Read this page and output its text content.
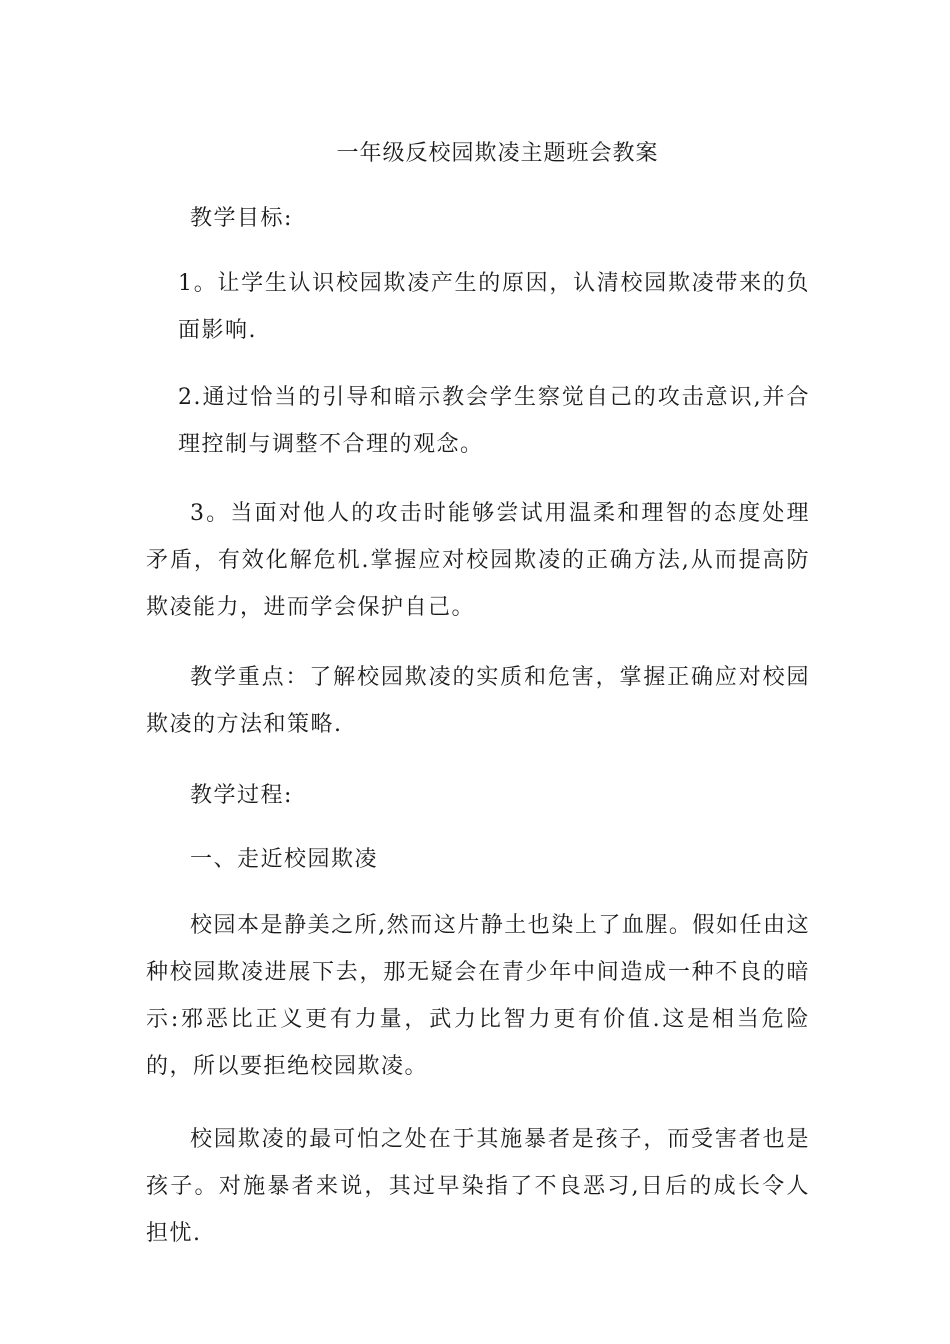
一年级反校园欺凌主题班会教案

教学目标:

1。让学生认识校园欺凌产生的原因，认清校园欺凌带来的负面影响.

2.通过恰当的引导和暗示教会学生察觉自己的攻击意识,并合理控制与调整不合理的观念。

3。当面对他人的攻击时能够尝试用温柔和理智的态度处理矛盾，有效化解危机.掌握应对校园欺凌的正确方法,从而提高防欺凌能力，进而学会保护自己。

教学重点：了解校园欺凌的实质和危害，掌握正确应对校园欺凌的方法和策略.

教学过程:

一、走近校园欺凌

校园本是静美之所,然而这片静土也染上了血腥。假如任由这种校园欺凌进展下去，那无疑会在青少年中间造成一种不良的暗示:邪恶比正义更有力量，武力比智力更有价值.这是相当危险的，所以要拒绝校园欺凌。

校园欺凌的最可怕之处在于其施暴者是孩子，而受害者也是孩子。对施暴者来说，其过早染指了不良恶习,日后的成长令人担忧.
